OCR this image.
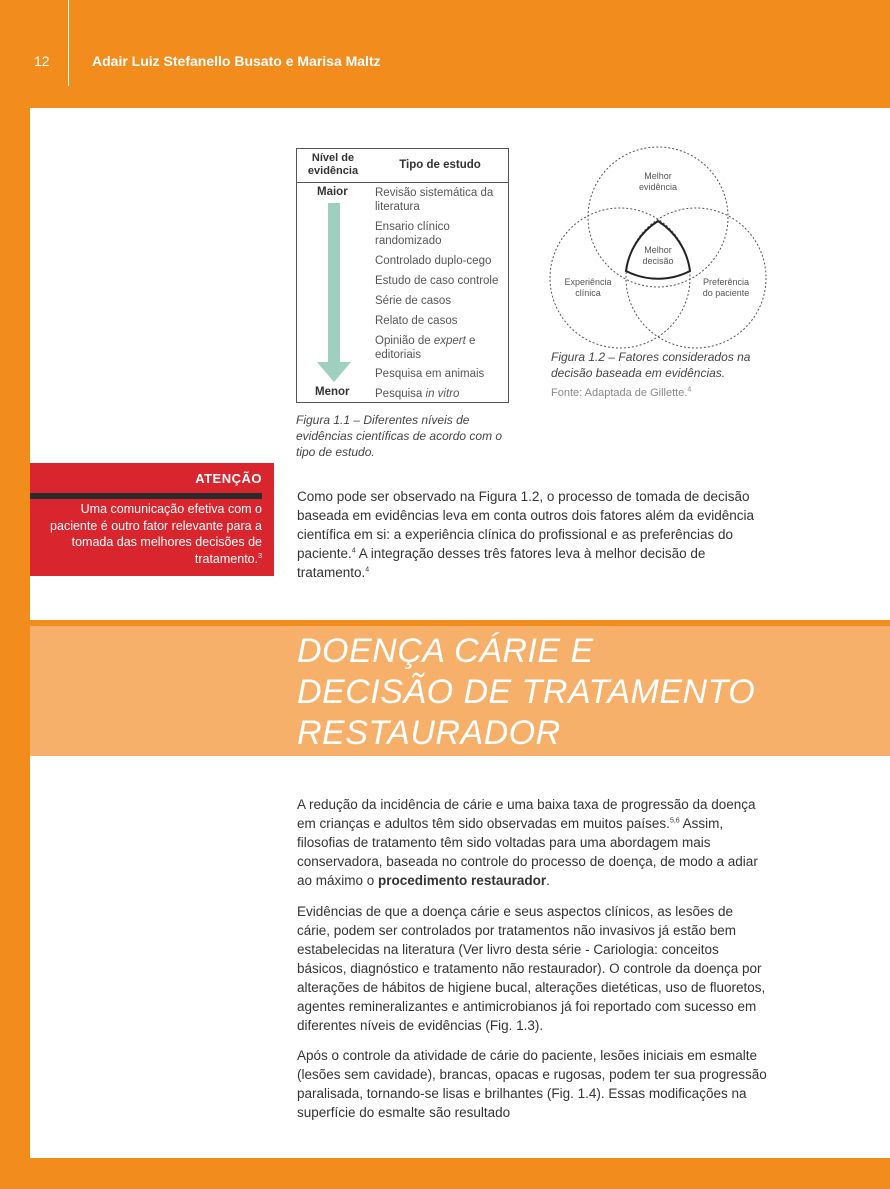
12	Adair Luiz Stefanello Busato e Marisa Maltz
Nível de evidência	Tipo de estudo
Maior
Menor
Revisão sistemática da literatura
Ensario clínico randomizado
Controlado duplo-cego
Estudo de caso controle
Série de casos
Relato de casos
Opinião de expert e editoriais
Pesquisa em animais
Pesquisa in vitro
Figura 1.1 – Diferentes níveis de evidências científicas de acordo com o tipo de estudo.
Melhor
evidência
Melhor
decisão
Experiência
clínica
Preferência
do paciente
Figura 1.2 – Fatores considerados na decisão baseada em evidências.
Fonte: Adaptada de Gillette.$^4$
ATENÇÃO
Uma comunicação efetiva com o paciente é outro fator relevante para a tomada das melhores decisões de tratamento.$^3$
Como pode ser observado na Figura 1.2, o processo de tomada de decisão baseada em evidências leva em conta outros dois fatores além da evidência científica em si: a experiência clínica do profissional e as preferências do paciente.$^4$ A integração desses três fatores leva à melhor decisão de tratamento.$^4$
DOENÇA CÁRIE E
DECISÃO DE TRATAMENTO
RESTAURADOR
A redução da incidência de cárie e uma baixa taxa de progressão da doença em crianças e adultos têm sido observadas em muitos países.$^{5,6}$ Assim, filosofias de tratamento têm sido voltadas para uma abordagem mais conservadora, baseada no controle do processo de doença, de modo a adiar ao máximo o procedimento restaurador.
Evidências de que a doença cárie e seus aspectos clínicos, as lesões de cárie, podem ser controlados por tratamentos não invasivos já estão bem estabelecidas na literatura (Ver livro desta série - Cariologia: conceitos básicos, diagnóstico e tratamento não restaurador). O controle da doença por alterações de hábitos de higiene bucal, alterações dietéticas, uso de fluoretos, agentes remineralizantes e antimicrobianos já foi reportado com sucesso em diferentes níveis de evidências (Fig. 1.3).
Após o controle da atividade de cárie do paciente, lesões iniciais em esmalte (lesões sem cavidade), brancas, opacas e rugosas, podem ter sua progressão paralisada, tornando-se lisas e brilhantes (Fig. 1.4). Essas modificações na superfície do esmalte são resultado
